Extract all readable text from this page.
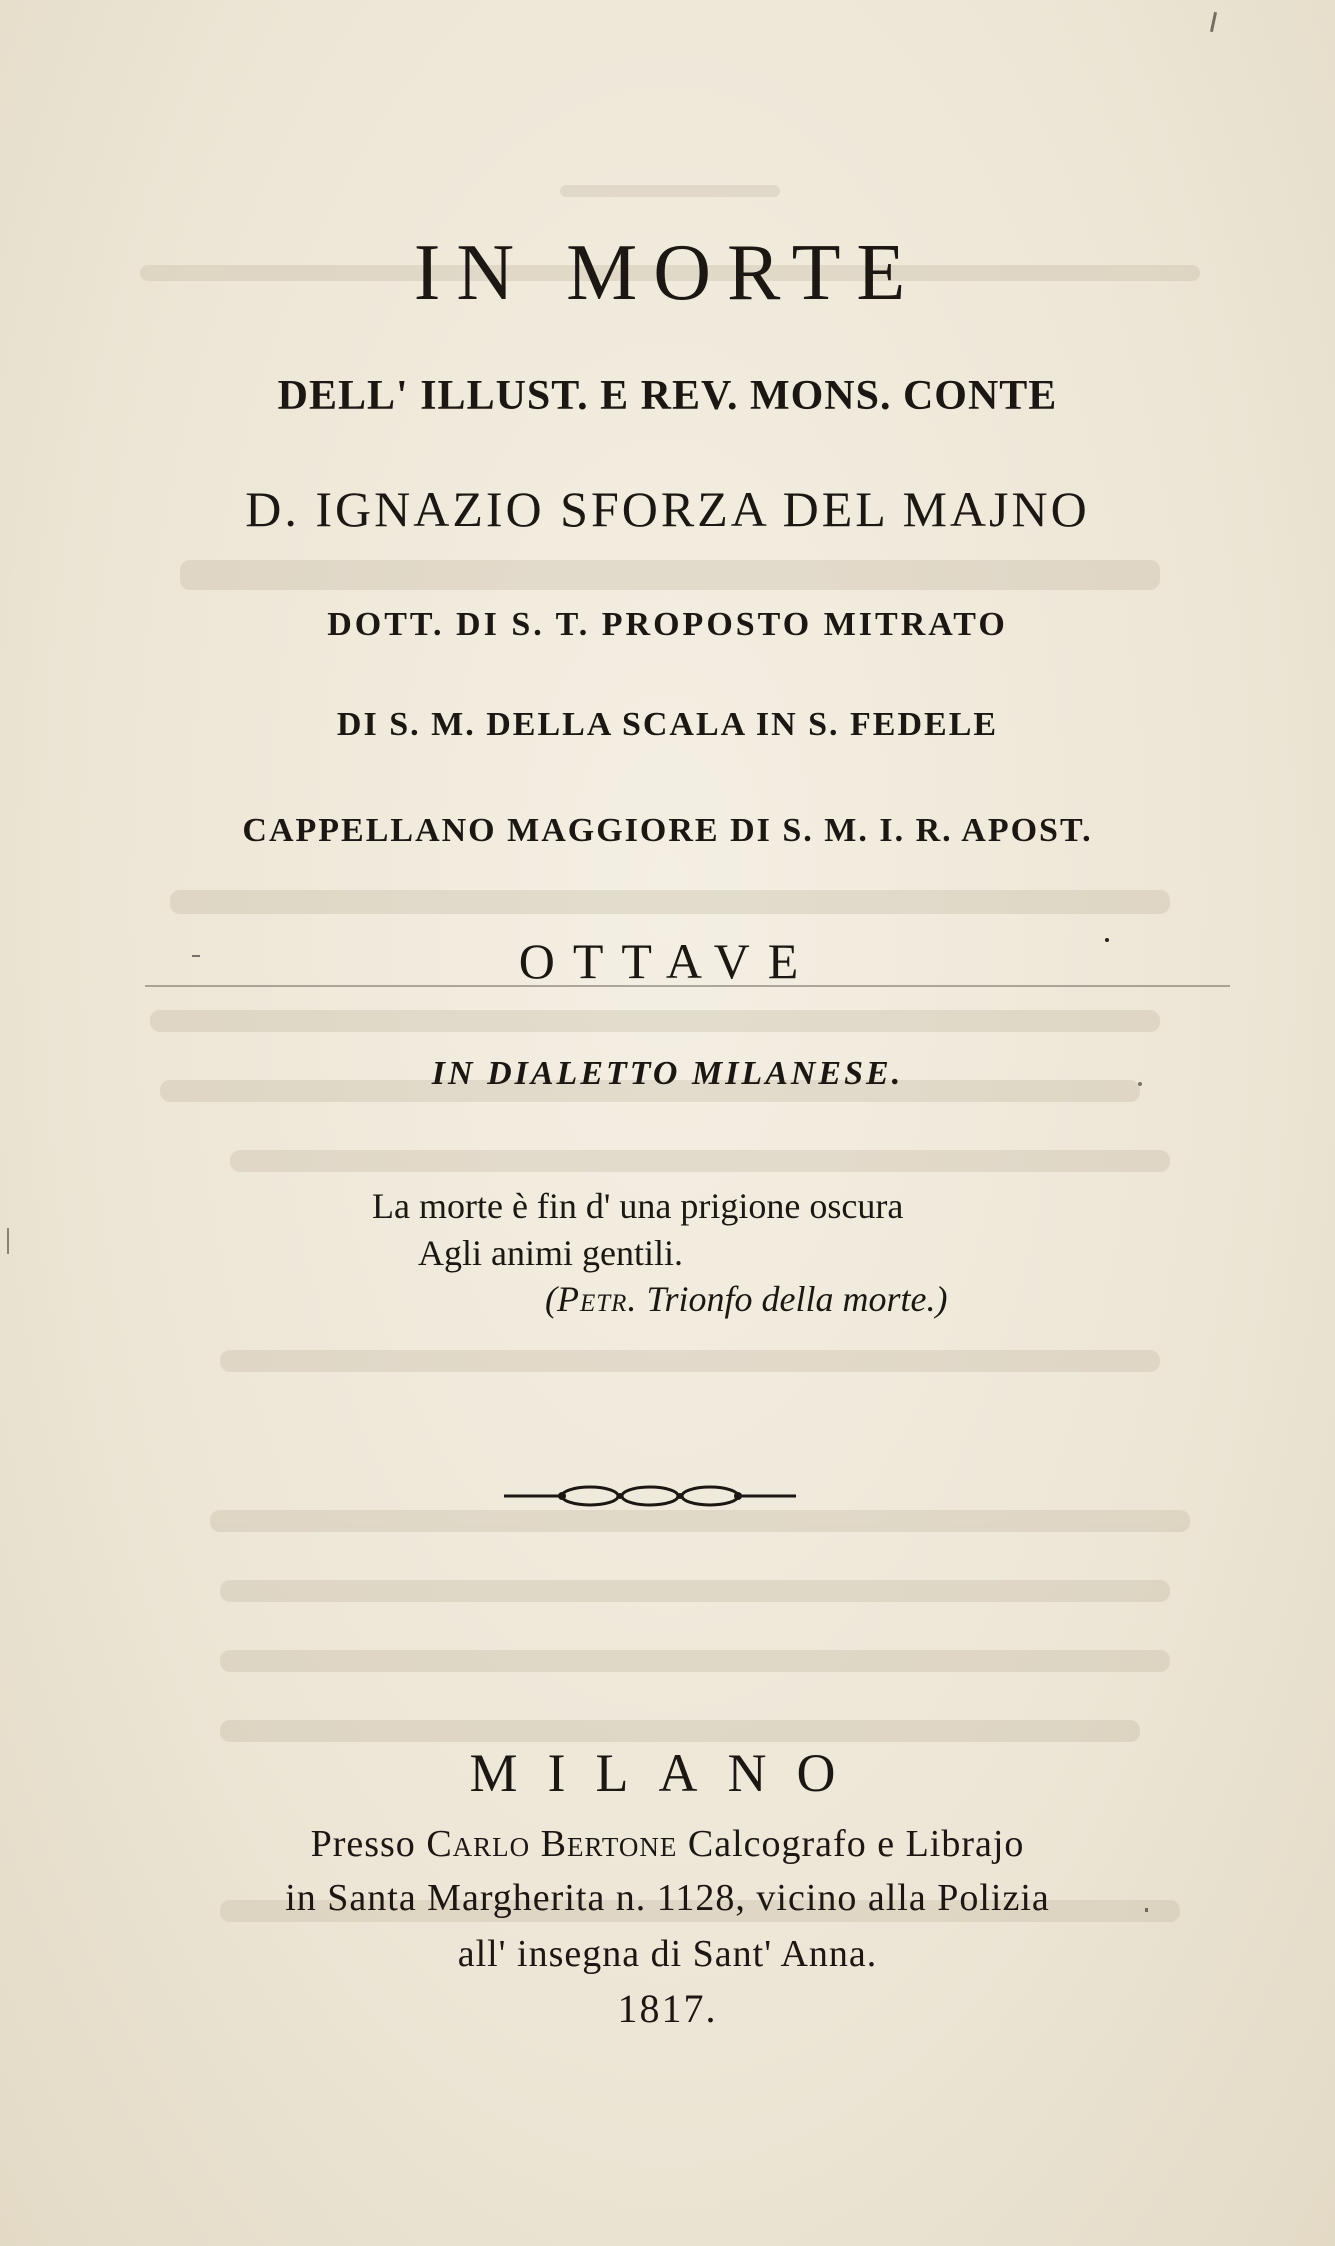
IN MORTE
DELL' ILLUST. E REV. MONS. CONTE
D. IGNAZIO SFORZA DEL MAJNO
DOTT. DI S. T. PROPOSTO MITRATO
DI S. M. DELLA SCALA IN S. FEDELE
CAPPELLANO MAGGIORE DI S. M. I. R. APOST.
OTTAVE
IN DIALETTO MILANESE.
La morte è fin d' una prigione oscura
Agli animi gentili.
(Petr. Trionfo della morte.)
MILANO
Presso Carlo Bertone Calcografo e Librajo
in Santa Margherita n. 1128, vicino alla Polizia
all' insegna di Sant' Anna.
1817.
